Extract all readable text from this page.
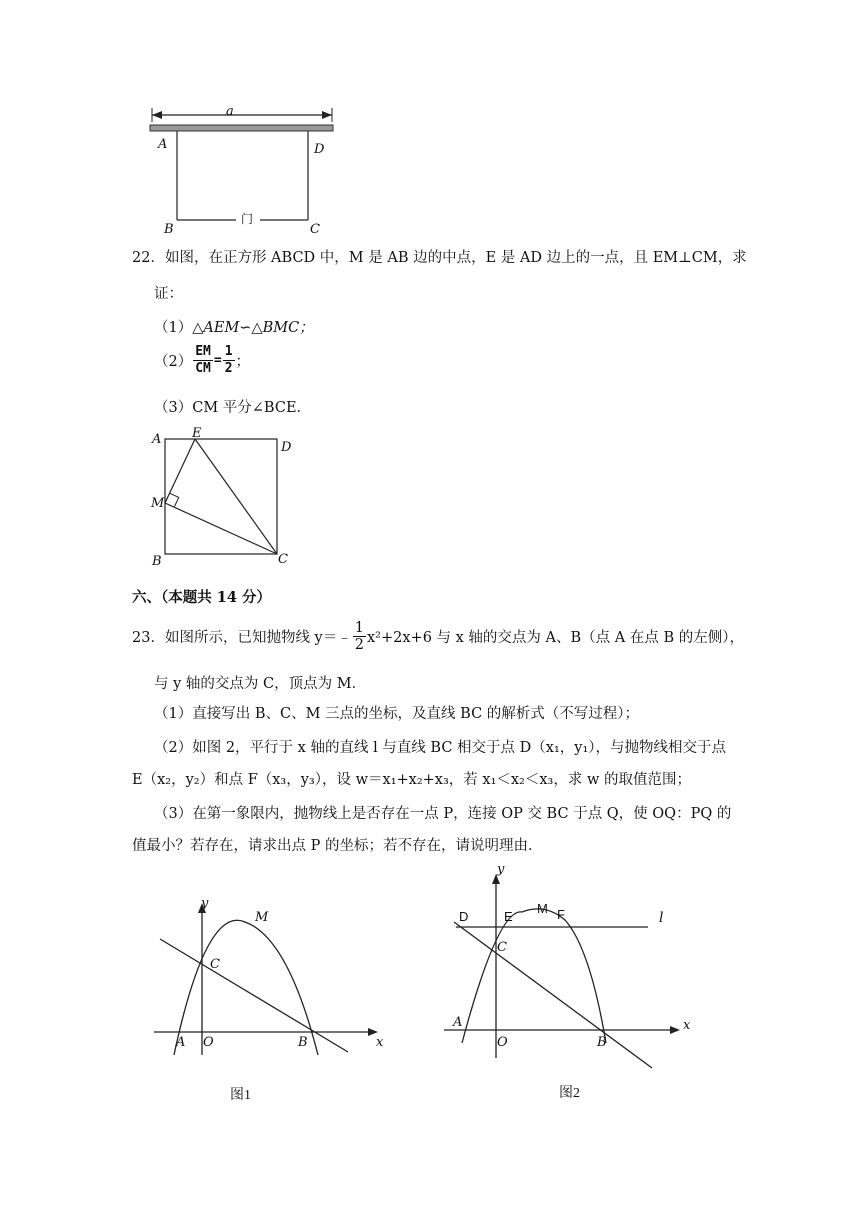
a
A	D
B	C
门
22．如图，在正方形 ABCD 中，M 是 AB 边的中点，E 是 AD 边上的一点，且 EM⊥CM，求
证：
（1）△AEM∽△BMC；
$(2) \frac{EM}{CM} = \frac{1}{2}$ ；
（3）CM 平分∠BCE．
A E
D
M
B	C
六、（本题共 14 分）
23．如图所示，已知抛物线 y＝﹣ $\frac{1}{2} x^2+2x+6$ 与 x 轴的交点为 A、B（点 A 在点 B 的左侧），
与 y 轴的交点为 C，顶点为 M．
（1）直接写出 B、C、M 三点的坐标，及直线 BC 的解析式（不写过程）；
（2）如图 2，平行于 x 轴的直线 l 与直线 BC 相交于点 D（x₁，y₁），与抛物线相交于点
E（x₂，y₂）和点 F（x₃，y₃），设 w＝x₁+x₂+x₃，若 x₁＜x₂＜x₃，求 w 的取值范围；
（3）在第一象限内，抛物线上是否存在一点 P，连接 OP 交 BC 于点 Q，使 OQ：PQ 的
值最小？若存在，请求出点 P 的坐标；若不存在，请说明理由．
y
M
C
A O	B	x
图1
y
D	E
M F	l
C
A
O	B
x
图2
